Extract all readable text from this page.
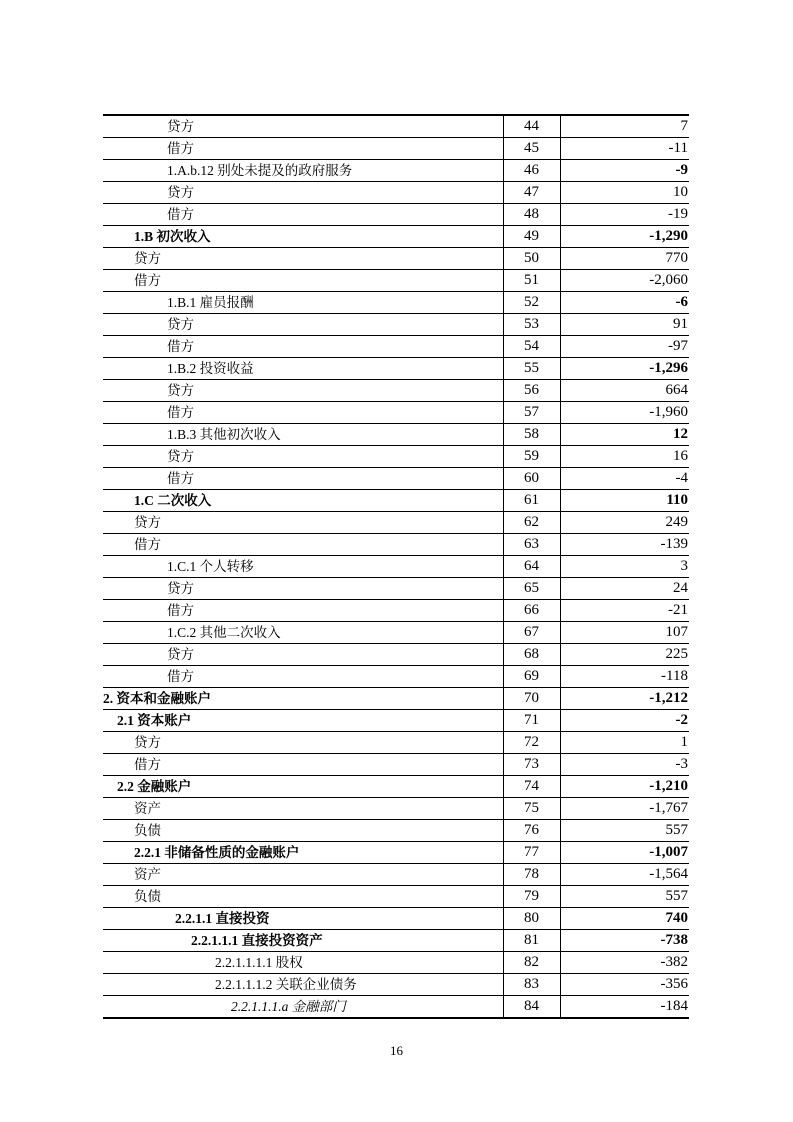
贷方	44	7
借方	45	-11
1.A.b.12 别处未提及的政府服务	46	-9
贷方	47	10
借方	48	-19
1.B 初次收入	49	-1,290
贷方	50	770
借方	51	-2,060
1.B.1 雇员报酬	52	-6
贷方	53	91
借方	54	-97
1.B.2 投资收益	55	-1,296
贷方	56	664
借方	57	-1,960
1.B.3 其他初次收入	58	12
贷方	59	16
借方	60	-4
1.C 二次收入	61	110
贷方	62	249
借方	63	-139
1.C.1 个人转移	64	3
贷方	65	24
借方	66	-21
1.C.2 其他二次收入	67	107
贷方	68	225
借方	69	-118
2. 资本和金融账户	70	-1,212
2.1 资本账户	71	-2
贷方	72	1
借方	73	-3
2.2 金融账户	74	-1,210
资产	75	-1,767
负债	76	557
2.2.1 非储备性质的金融账户	77	-1,007
资产	78	-1,564
负债	79	557
2.2.1.1 直接投资	80	740
2.2.1.1.1 直接投资资产	81	-738
2.2.1.1.1.1 股权	82	-382
2.2.1.1.1.2 关联企业债务	83	-356
2.2.1.1.1.a 金融部门	84	-184
16
